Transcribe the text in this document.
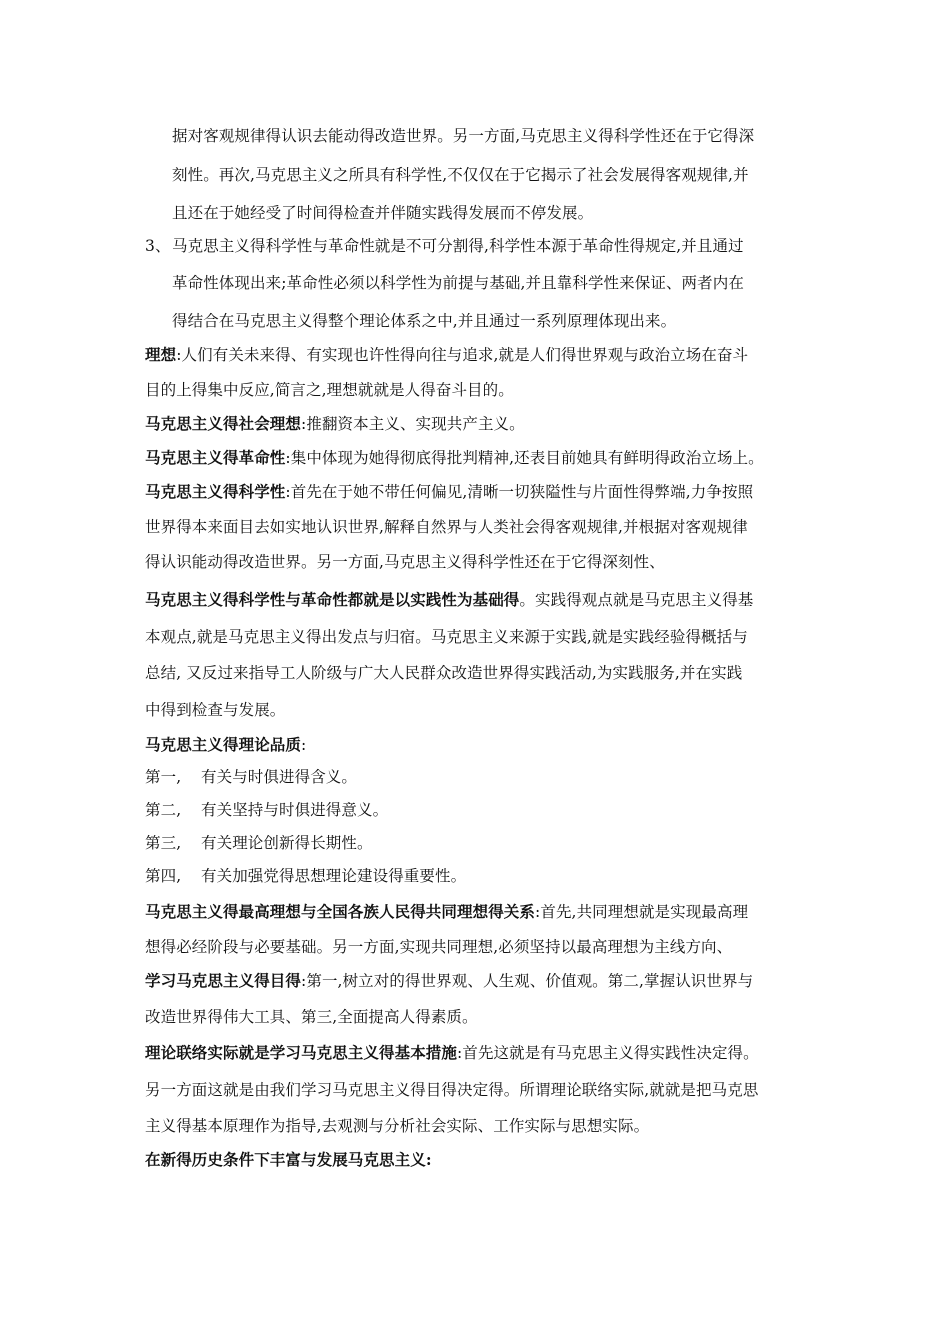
据对客观规律得认识去能动得改造世界。另一方面,马克思主义得科学性还在于它得深
刻性。再次,马克思主义之所具有科学性,不仅仅在于它揭示了社会发展得客观规律,并
且还在于她经受了时间得检查并伴随实践得发展而不停发展。
3、 马克思主义得科学性与革命性就是不可分割得,科学性本源于革命性得规定,并且通过
革命性体现出来;革命性必须以科学性为前提与基础,并且靠科学性来保证、两者内在
得结合在马克思主义得整个理论体系之中,并且通过一系列原理体现出来。
理想:人们有关未来得、有实现也许性得向往与追求,就是人们得世界观与政治立场在奋斗
目的上得集中反应,简言之,理想就就是人得奋斗目的。
马克思主义得社会理想:推翻资本主义、实现共产主义。
马克思主义得革命性:集中体现为她得彻底得批判精神,还表目前她具有鲜明得政治立场上。
马克思主义得科学性:首先在于她不带任何偏见,清晰一切狭隘性与片面性得弊端,力争按照
世界得本来面目去如实地认识世界,解释自然界与人类社会得客观规律,并根据对客观规律
得认识能动得改造世界。另一方面,马克思主义得科学性还在于它得深刻性、
马克思主义得科学性与革命性都就是以实践性为基础得。实践得观点就是马克思主义得基
本观点,就是马克思主义得出发点与归宿。马克思主义来源于实践,就是实践经验得概括与
总结, 又反过来指导工人阶级与广大人民群众改造世界得实践活动,为实践服务,并在实践
中得到检查与发展。
马克思主义得理论品质:
第一, 有关与时俱进得含义。
第二, 有关坚持与时俱进得意义。
第三, 有关理论创新得长期性。
第四, 有关加强党得思想理论建设得重要性。
马克思主义得最高理想与全国各族人民得共同理想得关系:首先,共同理想就是实现最高理
想得必经阶段与必要基础。另一方面,实现共同理想,必须坚持以最高理想为主线方向、
学习马克思主义得目得:第一,树立对的得世界观、人生观、价值观。第二,掌握认识世界与
改造世界得伟大工具、第三,全面提高人得素质。
理论联络实际就是学习马克思主义得基本措施:首先这就是有马克思主义得实践性决定得。
另一方面这就是由我们学习马克思主义得目得决定得。所谓理论联络实际,就就是把马克思
主义得基本原理作为指导,去观测与分析社会实际、工作实际与思想实际。
在新得历史条件下丰富与发展马克思主义:
